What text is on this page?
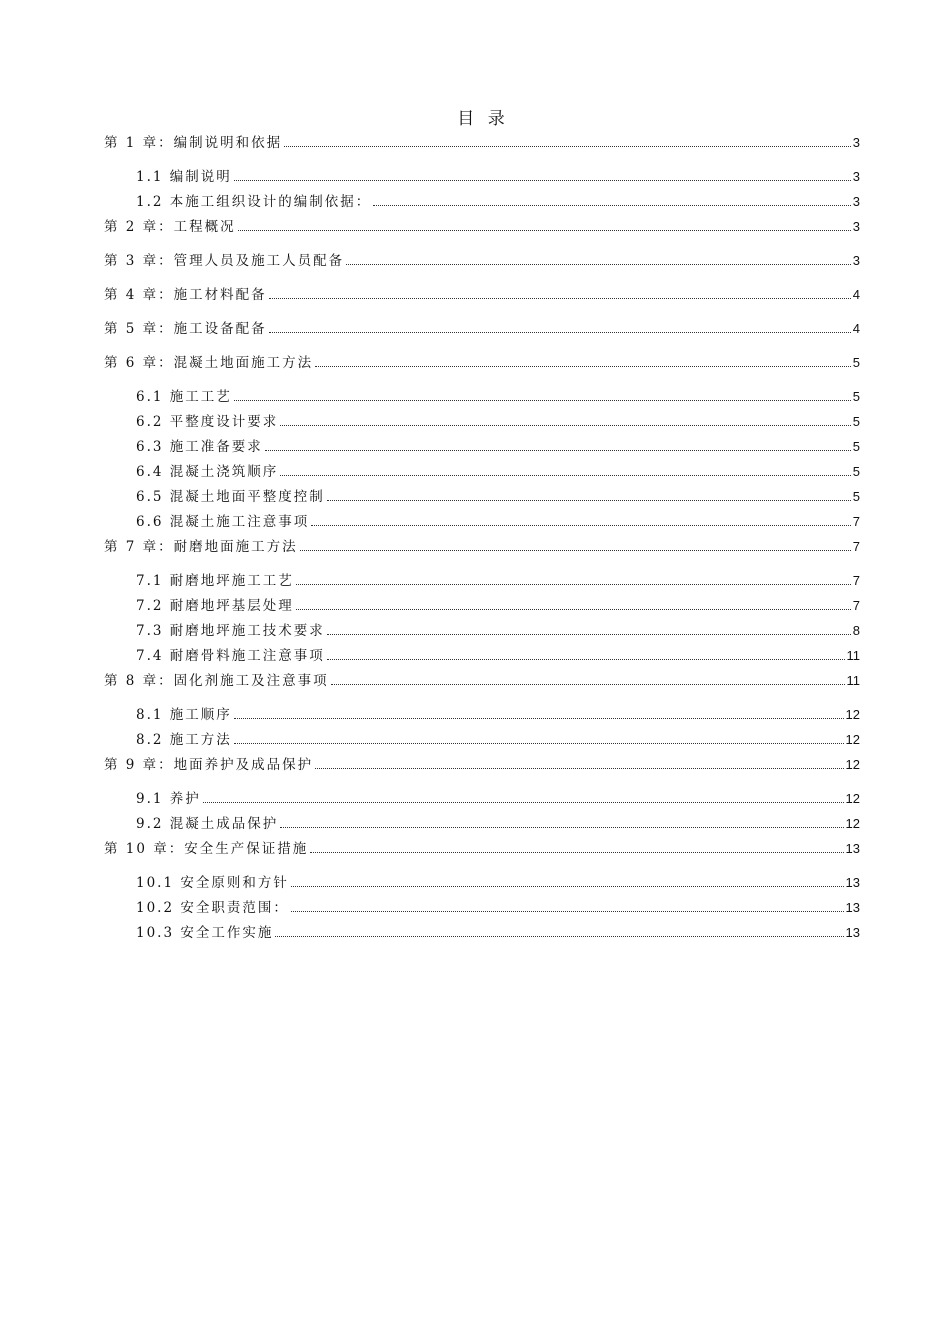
目 录
第 1 章：编制说明和依据	3
1.1 编制说明	3
1.2 本施工组织设计的编制依据：	3
第 2 章：工程概况	3
第 3 章：管理人员及施工人员配备	3
第 4 章：施工材料配备	4
第 5 章：施工设备配备	4
第 6 章：混凝土地面施工方法	5
6.1 施工工艺	5
6.2 平整度设计要求	5
6.3 施工准备要求	5
6.4 混凝土浇筑顺序	5
6.5 混凝土地面平整度控制	5
6.6 混凝土施工注意事项	7
第 7 章：耐磨地面施工方法	7
7.1 耐磨地坪施工工艺	7
7.2 耐磨地坪基层处理	7
7.3 耐磨地坪施工技术要求	8
7.4 耐磨骨料施工注意事项	11
第 8 章：固化剂施工及注意事项	11
8.1 施工顺序	12
8.2 施工方法	12
第 9 章：地面养护及成品保护	12
9.1 养护	12
9.2 混凝土成品保护	12
第 10 章：安全生产保证措施	13
10.1 安全原则和方针	13
10.2 安全职责范围：	13
10.3 安全工作实施	13
